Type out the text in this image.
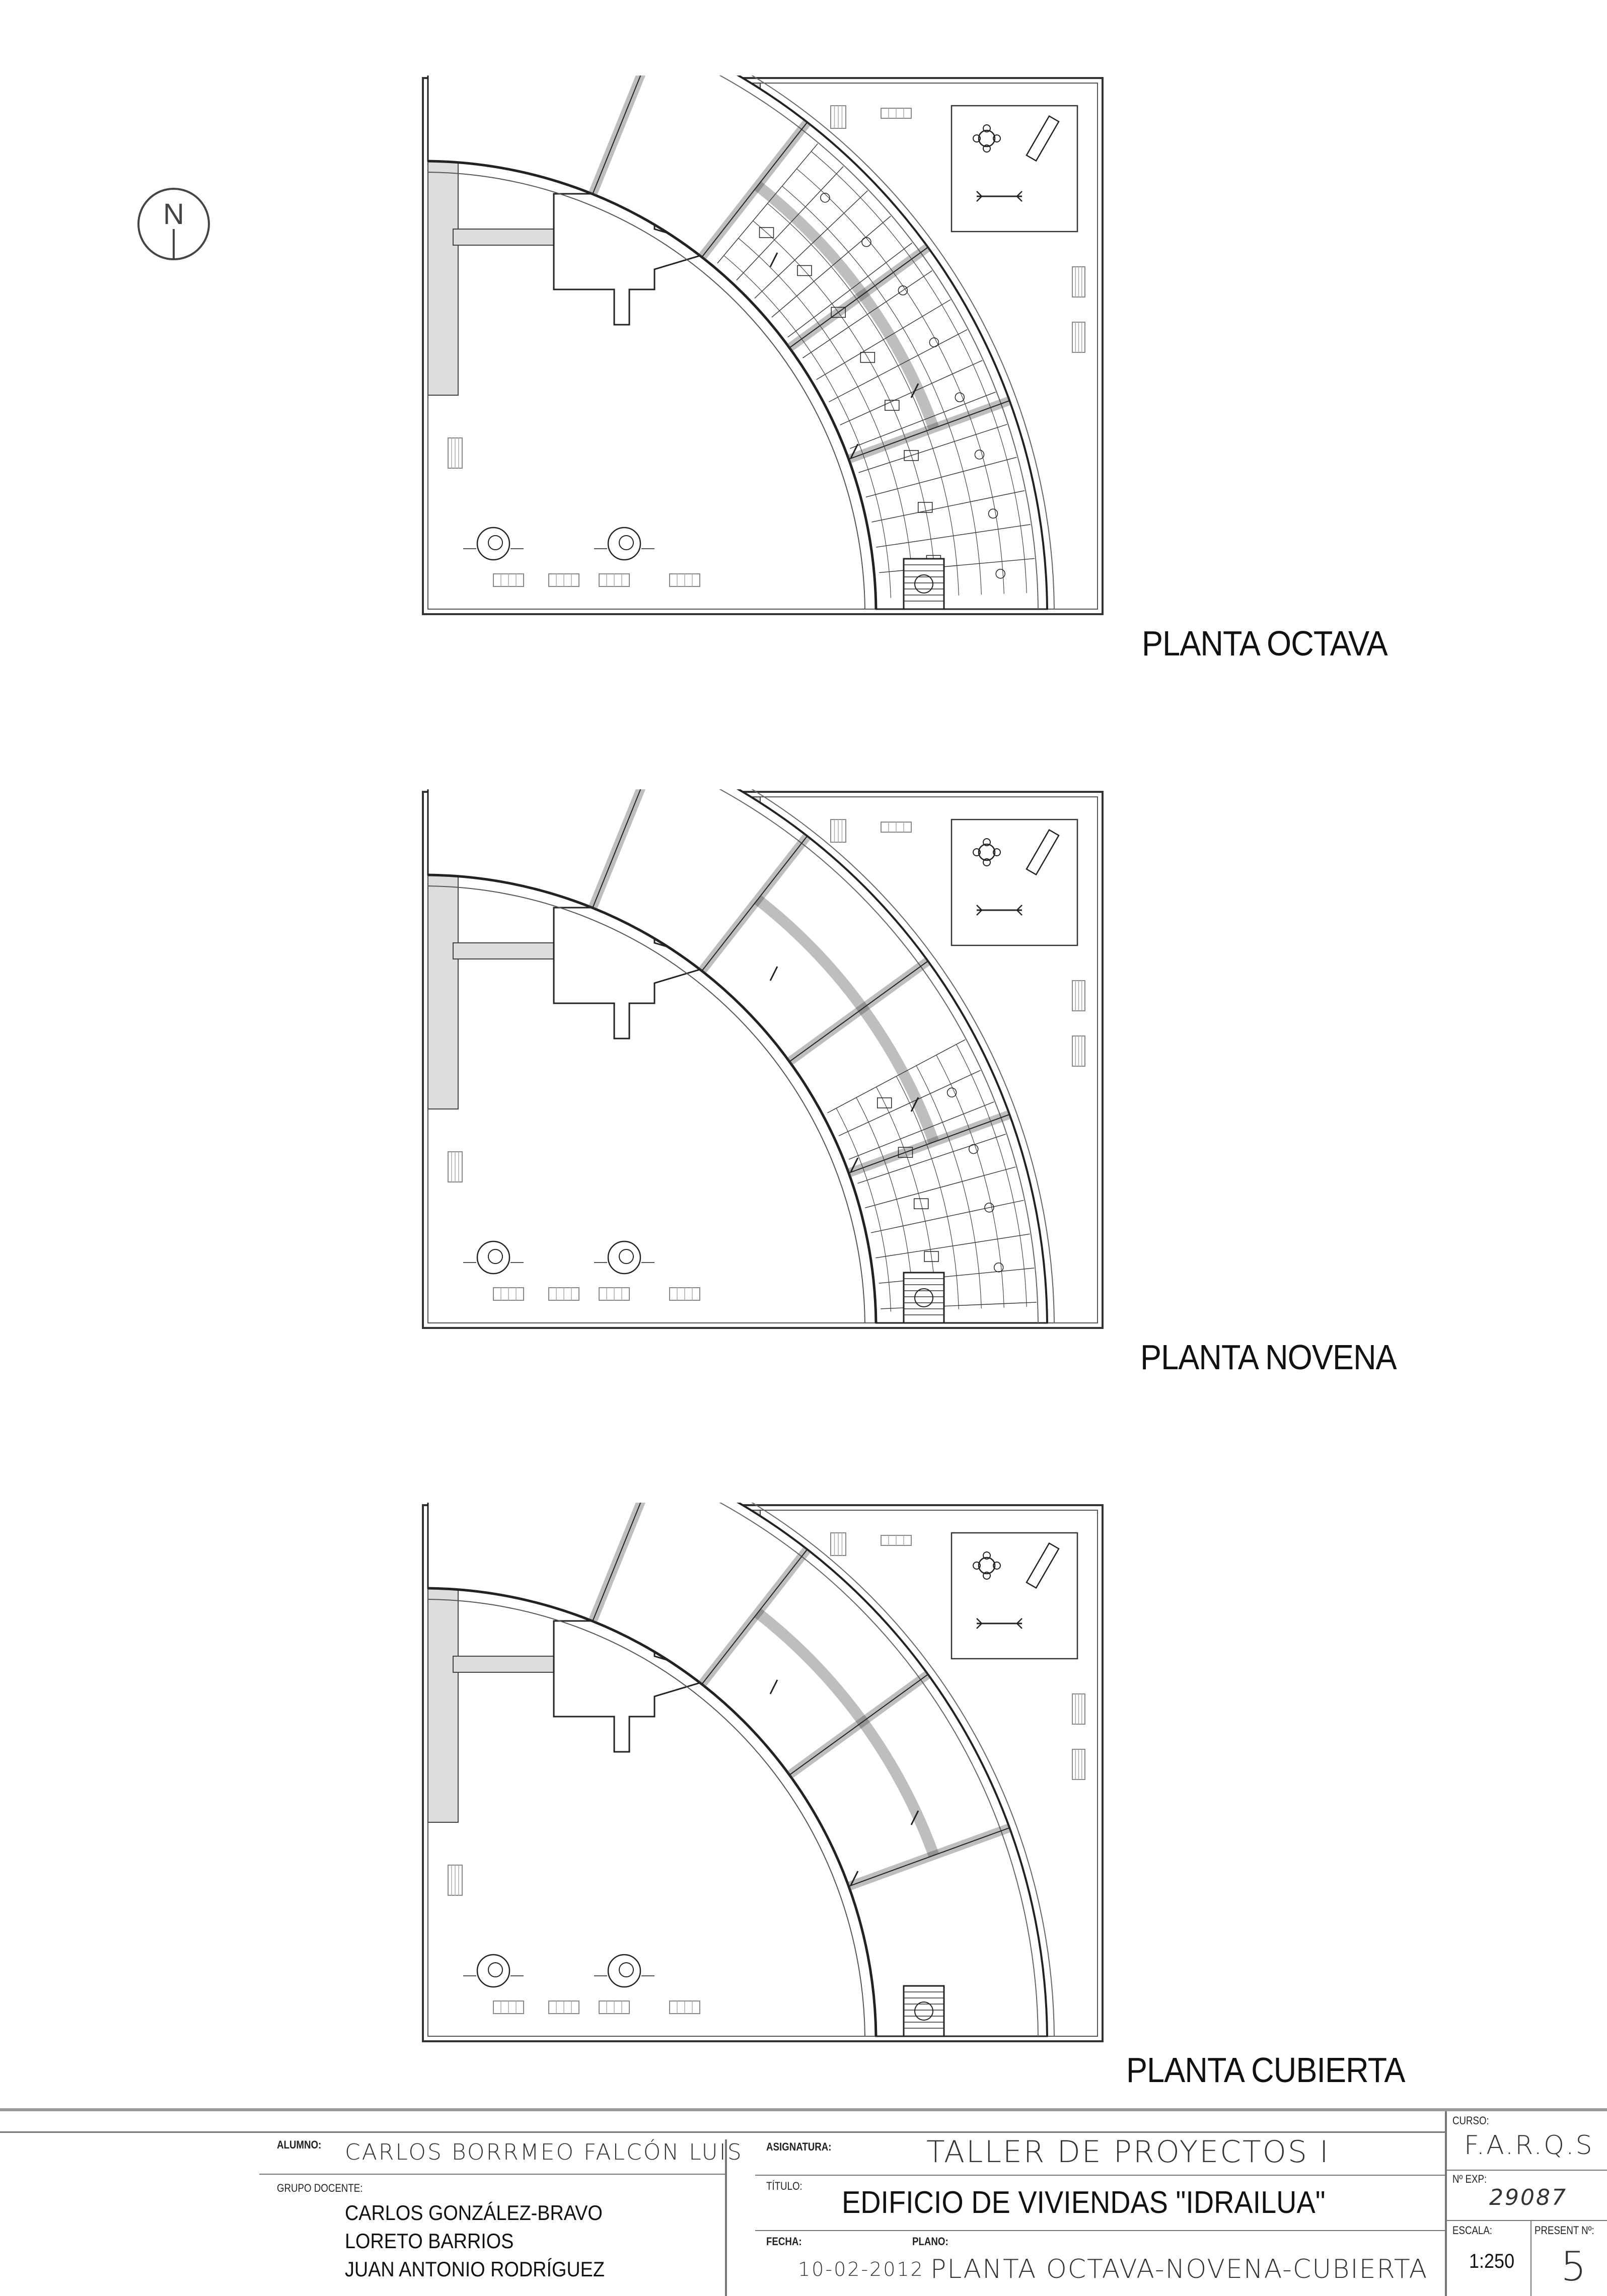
N
PLANTA OCTAVA
PLANTA NOVENA
PLANTA CUBIERTA
ALUMNO: CARLOS BORRMEO FALCÓN LUIS
GRUPO DOCENTE:
CARLOS GONZÁLEZ-BRAVO
LORETO BARRIOS
JUAN ANTONIO RODRÍGUEZ
ASIGNATURA:	TALLER DE PROYECTOS I
TÍTULO: EDIFICIO DE VIVIENDAS "IDRAILUA"
FECHA:
10-02-2012
PLANO:
PLANTA OCTAVA-NOVENA-CUBIERTA
CURSO:
F.A.R.Q.S
Nº EXP:
29087
ESCALA:
1:250
PRESENT Nº:
5
